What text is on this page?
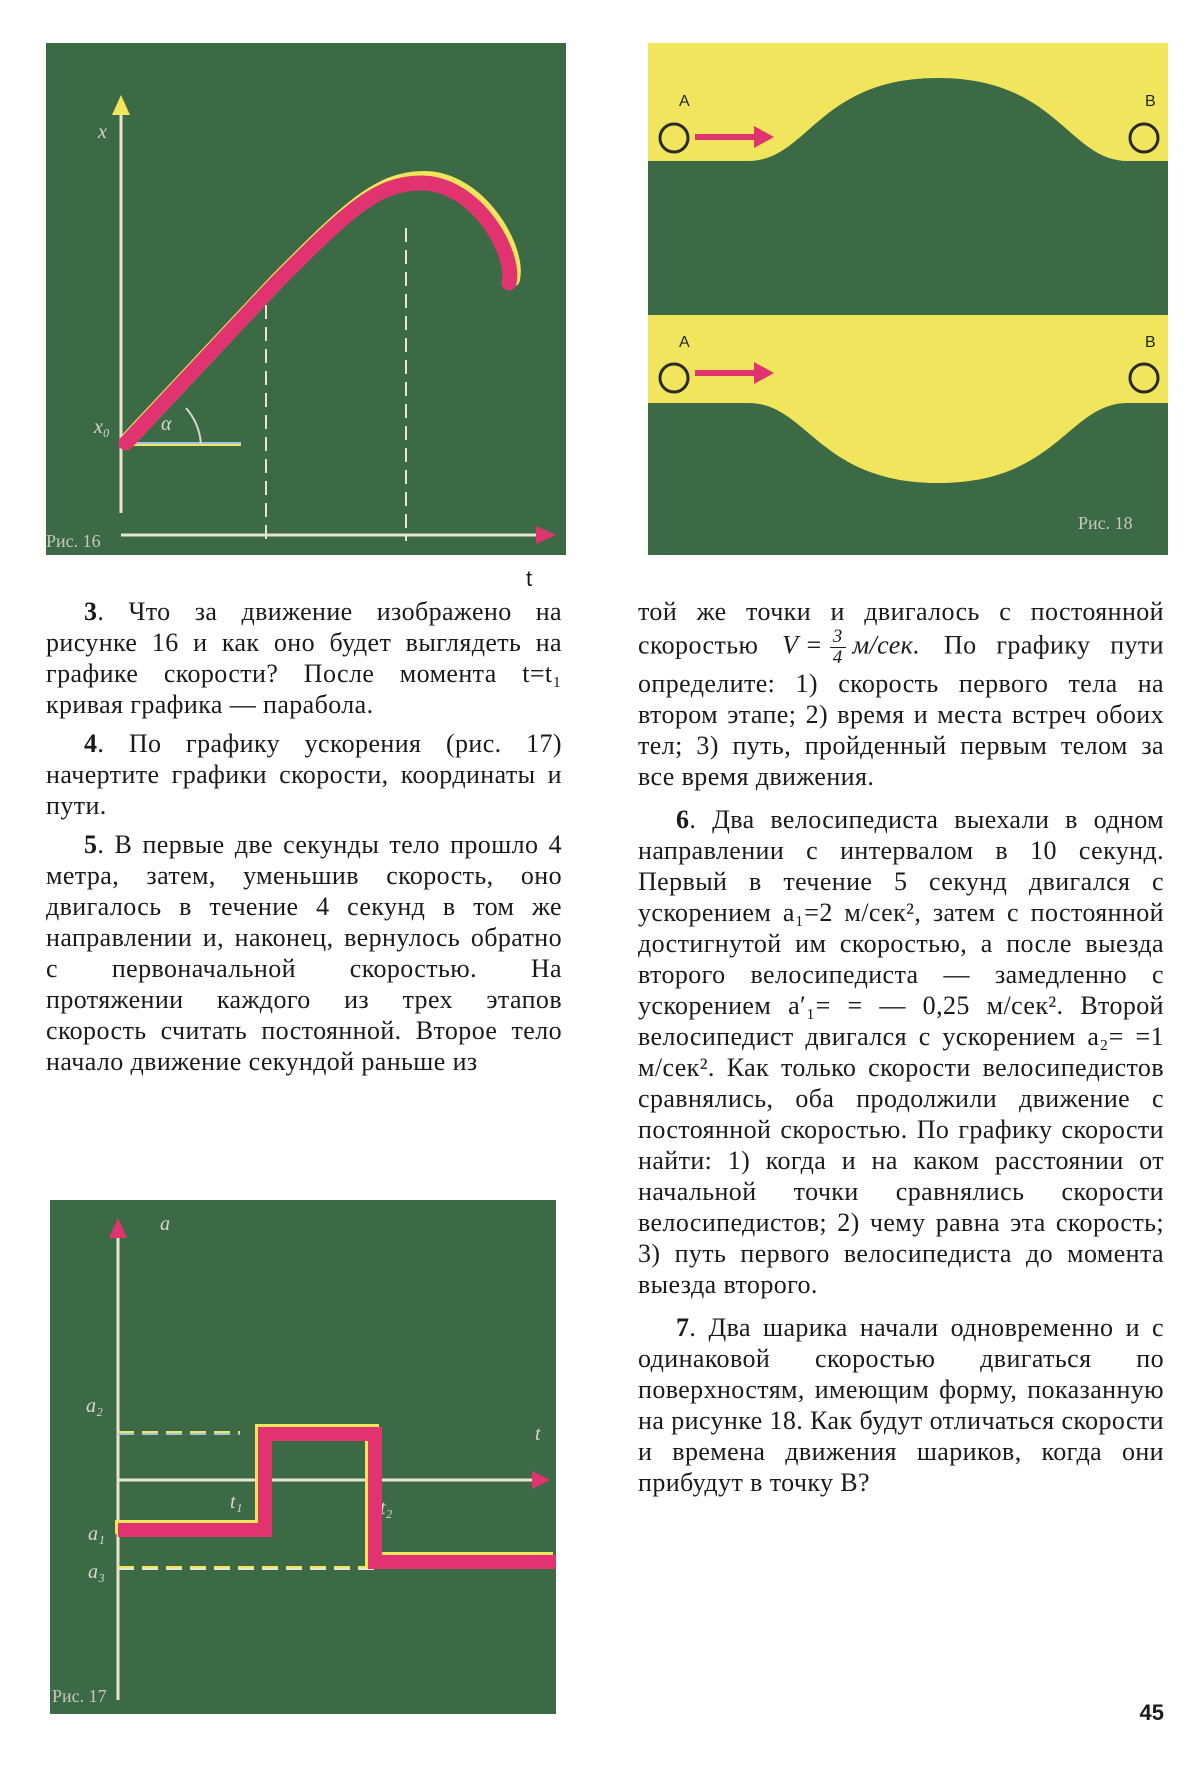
x
x₀	α
Рис. 16
t
A	B
A	B
Рис. 18

3. Что за движение изображено на рисунке 16 и как оно будет выглядеть на графике скорости? После момента t=t₁ кривая графика — парабола.

4. По графику ускорения (рис. 17) начертите графики скорости, координаты и пути.

5. В первые две секунды тело прошло 4 метра, затем, уменьшив скорость, оно двигалось в течение 4 секунд в том же направлении и, наконец, вернулось обратно с первоначальной скоростью. На протяжении каждого из трех этапов скорость считать постоянной. Второе тело начало движение секундой раньше из

той же точки и двигалось с постоянной скоростью $V = \frac{3}{4} м/сек$. По графику пути определите: 1) скорость первого тела на втором этапе; 2) время и места встреч обоих тел; 3) путь, пройденный первым телом за все время движения.

6. Два велосипедиста выехали в одном направлении с интервалом в 10 секунд. Первый в течение 5 секунд двигался с ускорением a₁=2 м/сек², затем с постоянной достигнутой им скоростью, а после выезда второго велосипедиста — замедленно с ускорением a′₁= = — 0,25 м/сек². Второй велосипедист двигался с ускорением a₂= =1 м/сек². Как только скорости велосипедистов сравнялись, оба продолжили движение с постоянной скоростью. По графику скорости найти: 1) когда и на каком расстоянии от начальной точки сравнялись скорости велосипедистов; 2) чему равна эта скорость; 3) путь первого велосипедиста до момента выезда второго.

7. Два шарика начали одновременно и с одинаковой скоростью двигаться по поверхностям, имеющим форму, показанную на рисунке 18. Как будут отличаться скорости и времена движения шариков, когда они прибудут в точку B?

a
t
a₂
a₁
a₃
t₁	t₂
Рис. 17
45
